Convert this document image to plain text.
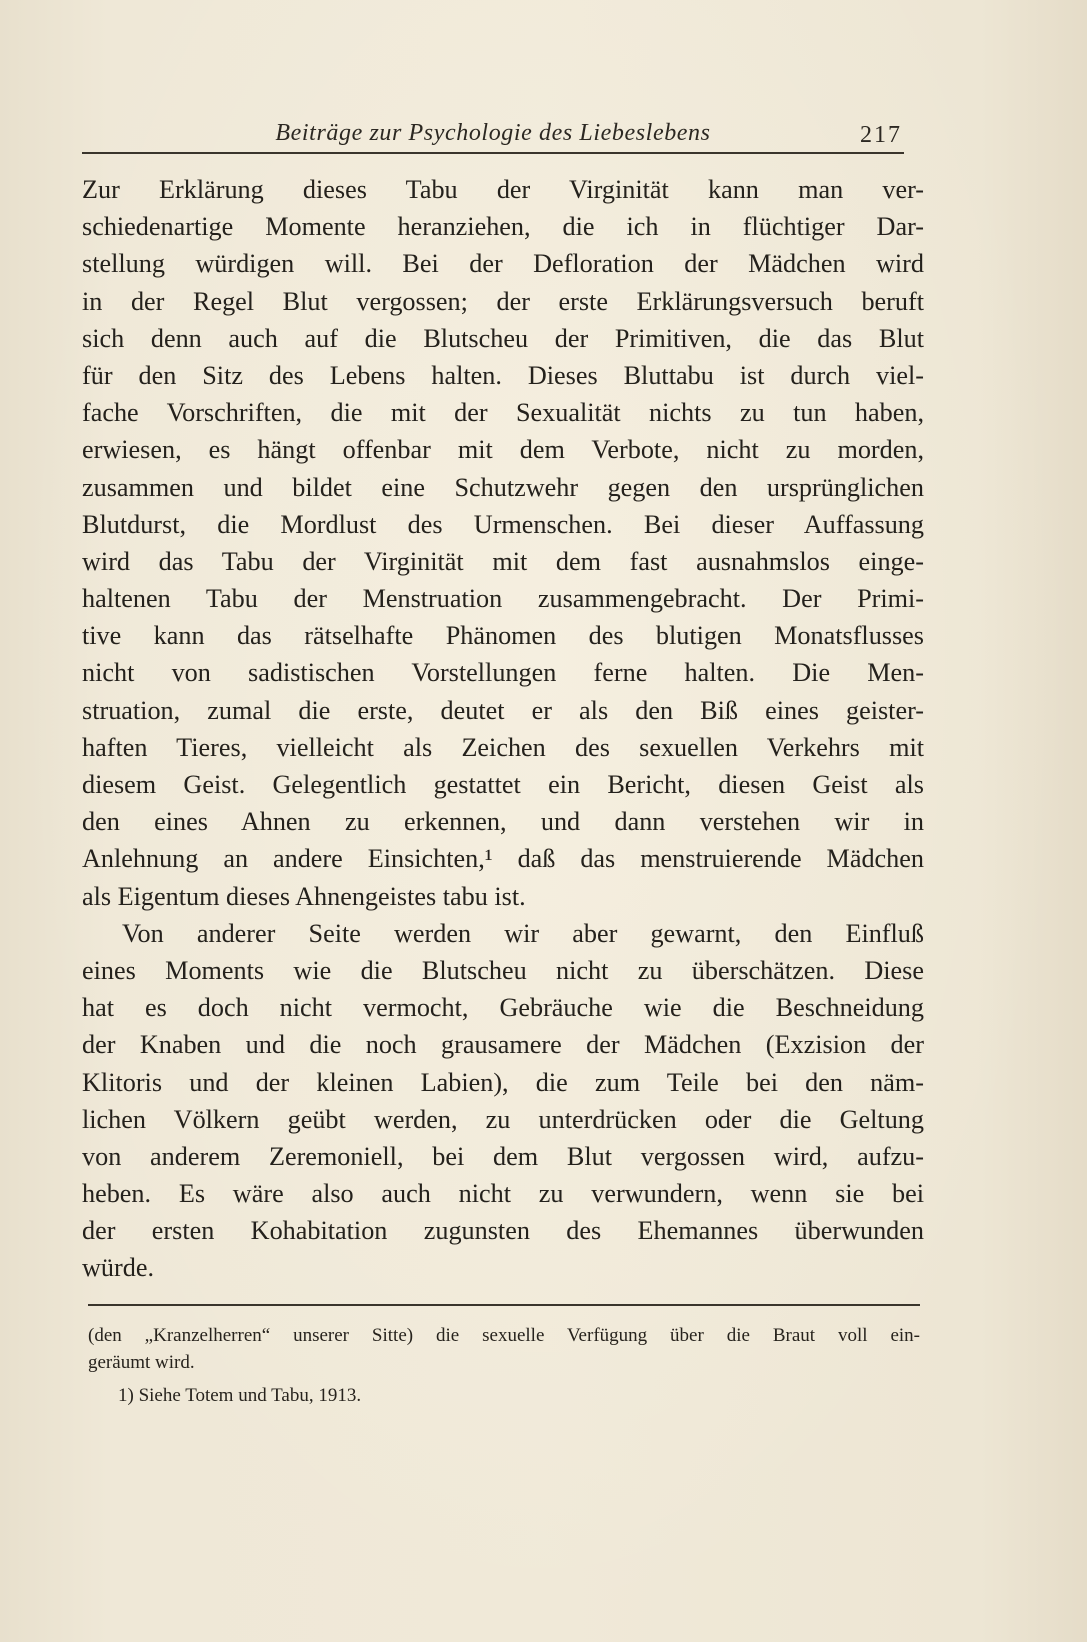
Beiträge zur Psychologie des Liebeslebens	217
Zur Erklärung dieses Tabu der Virginität kann man ver-
schiedenartige Momente heranziehen, die ich in flüchtiger Dar-
stellung würdigen will. Bei der Defloration der Mädchen wird
in der Regel Blut vergossen; der erste Erklärungsversuch beruft
sich denn auch auf die Blutscheu der Primitiven, die das Blut
für den Sitz des Lebens halten. Dieses Bluttabu ist durch viel-
fache Vorschriften, die mit der Sexualität nichts zu tun haben,
erwiesen, es hängt offenbar mit dem Verbote, nicht zu morden,
zusammen und bildet eine Schutzwehr gegen den ursprünglichen
Blutdurst, die Mordlust des Urmenschen. Bei dieser Auffassung
wird das Tabu der Virginität mit dem fast ausnahmslos einge-
haltenen Tabu der Menstruation zusammengebracht. Der Primi-
tive kann das rätselhafte Phänomen des blutigen Monatsflusses
nicht von sadistischen Vorstellungen ferne halten. Die Men-
struation, zumal die erste, deutet er als den Biß eines geister-
haften Tieres, vielleicht als Zeichen des sexuellen Verkehrs mit
diesem Geist. Gelegentlich gestattet ein Bericht, diesen Geist als
den eines Ahnen zu erkennen, und dann verstehen wir in
Anlehnung an andere Einsichten,¹ daß das menstruierende Mädchen
als Eigentum dieses Ahnengeistes tabu ist.
Von anderer Seite werden wir aber gewarnt, den Einfluß
eines Moments wie die Blutscheu nicht zu überschätzen. Diese
hat es doch nicht vermocht, Gebräuche wie die Beschneidung
der Knaben und die noch grausamere der Mädchen (Exzision der
Klitoris und der kleinen Labien), die zum Teile bei den näm-
lichen Völkern geübt werden, zu unterdrücken oder die Geltung
von anderem Zeremoniell, bei dem Blut vergossen wird, aufzu-
heben. Es wäre also auch nicht zu verwundern, wenn sie bei
der ersten Kohabitation zugunsten des Ehemannes überwunden
würde.
(den „Kranzelherren“ unserer Sitte) die sexuelle Verfügung über die Braut voll ein-
geräumt wird.
1) Siehe Totem und Tabu, 1913.
